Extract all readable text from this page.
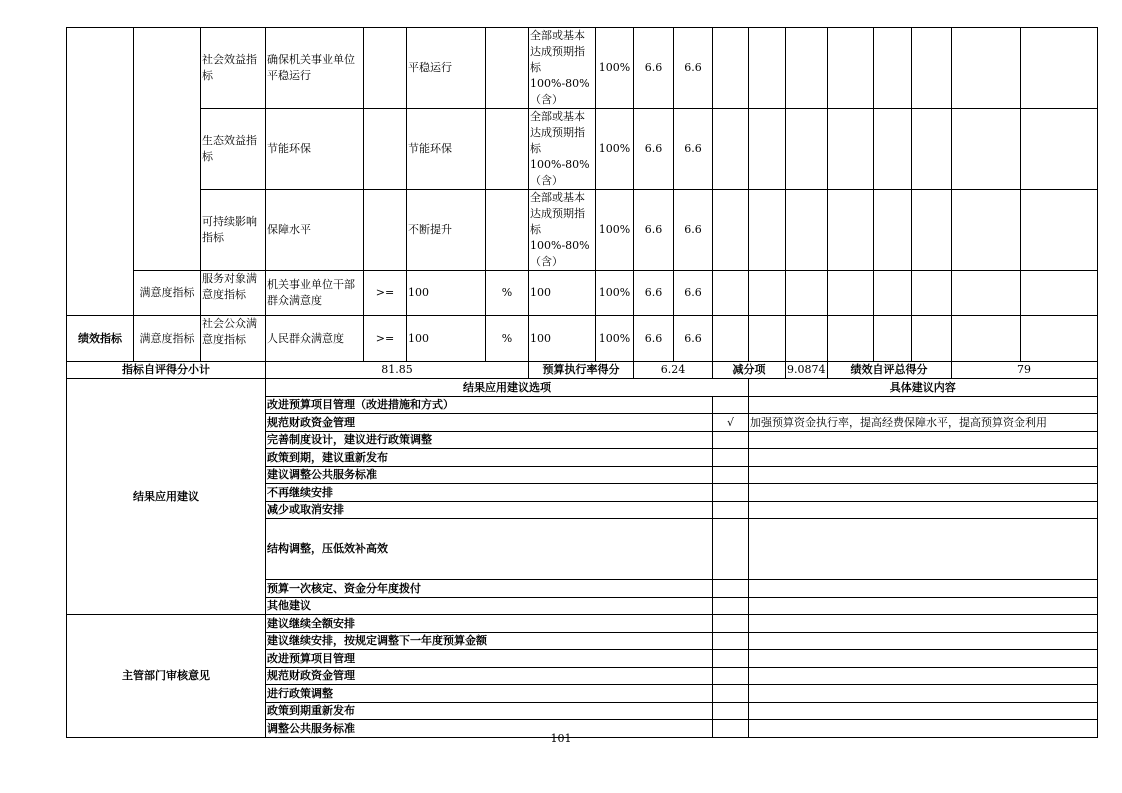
		社会效益指标	确保机关事业单位平稳运行		平稳运行		全部或基本达成预期指标100%-80%（含）	100%	6.6	6.6								
		生态效益指标	节能环保		节能环保		全部或基本达成预期指标100%-80%（含）	100%	6.6	6.6								
		可持续影响指标	保障水平		不断提升		全部或基本达成预期指标100%-80%（含）	100%	6.6	6.6								
	满意度指标	服务对象满意度指标	机关事业单位干部群众满意度	>=	100	%	100	100%	6.6	6.6								
绩效指标	满意度指标	社会公众满意度指标	人民群众满意度	>=	100	%	100	100%	6.6	6.6								
指标自评得分小计			81.85				预算执行率得分		6.24		减分项		9.0874	绩效自评总得分			79	
结果应用建议			结果应用建议选项									具体建议内容						
			改进预算项目管理（改进措施和方式）															
			规范财政资金管理								√	加强预算资金执行率，提高经费保障水平，提高预算资金利用						
			完善制度设计，建议进行政策调整															
			政策到期，建议重新发布															
			建议调整公共服务标准															
			不再继续安排															
			减少或取消安排															
			结构调整，压低效补高效															
			预算一次核定、资金分年度拨付															
			其他建议															
主管部门审核意见			建议继续全额安排															
			建议继续安排，按规定调整下一年度预算金额															
			改进预算项目管理															
			规范财政资金管理															
			进行政策调整															
			政策到期重新发布															
			调整公共服务标准															
101
